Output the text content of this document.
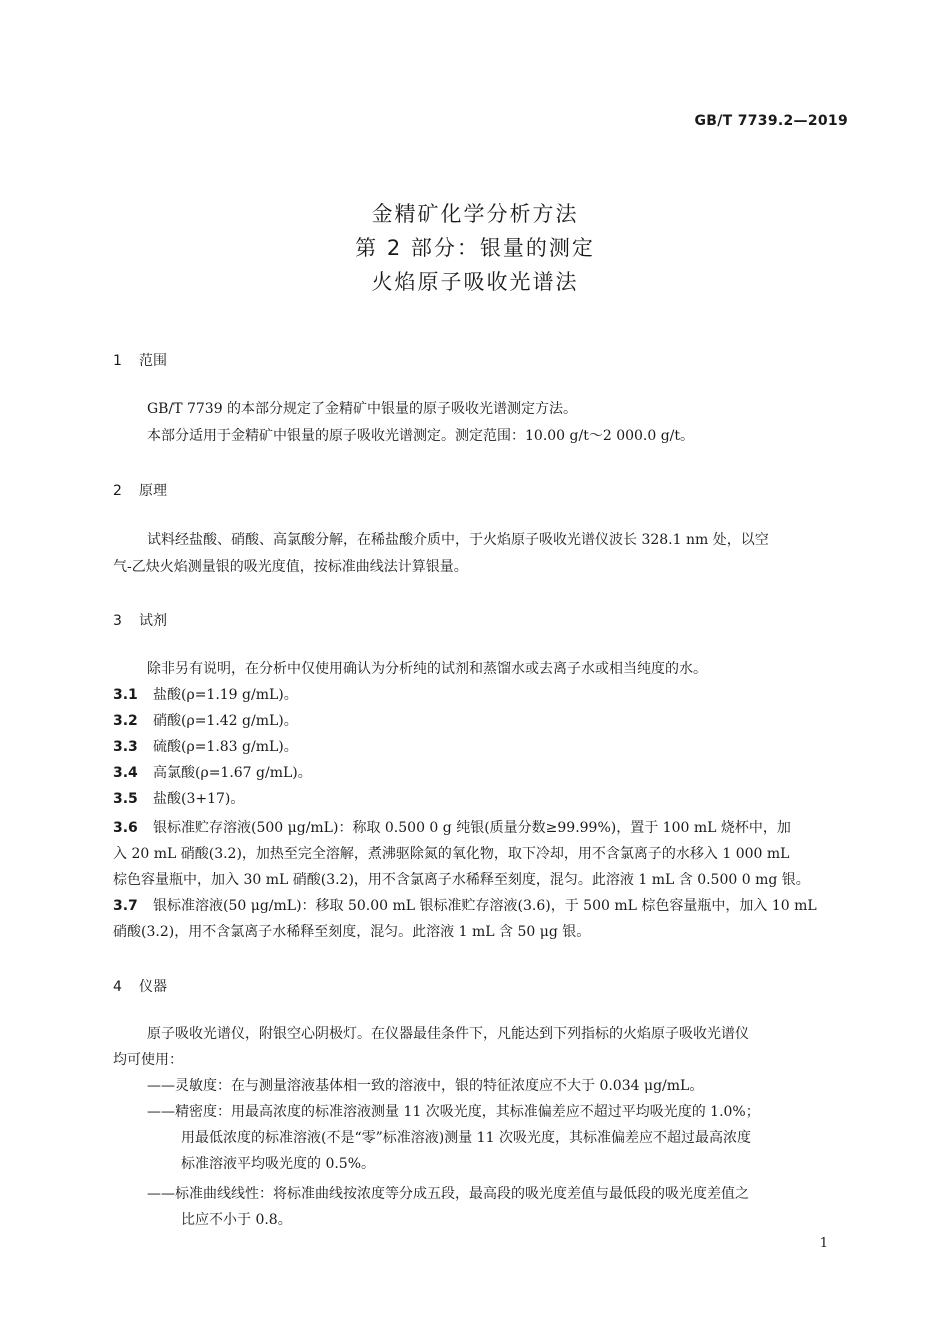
GB/T 7739.2—2019
金精矿化学分析方法
第 2 部分：银量的测定
火焰原子吸收光谱法
1 范围
GB/T 7739 的本部分规定了金精矿中银量的原子吸收光谱测定方法。
本部分适用于金精矿中银量的原子吸收光谱测定。测定范围：10.00 g/t～2 000.0 g/t。
2 原理
试料经盐酸、硝酸、高氯酸分解，在稀盐酸介质中，于火焰原子吸收光谱仪波长 328.1 nm 处，以空
气-乙炔火焰测量银的吸光度值，按标准曲线法计算银量。
3 试剂
除非另有说明，在分析中仅使用确认为分析纯的试剂和蒸馏水或去离子水或相当纯度的水。
3.1 盐酸(ρ=1.19 g/mL)。
3.2 硝酸(ρ=1.42 g/mL)。
3.3 硫酸(ρ=1.83 g/mL)。
3.4 高氯酸(ρ=1.67 g/mL)。
3.5 盐酸(3+17)。
3.6 银标准贮存溶液(500 μg/mL)：称取 0.500 0 g 纯银(质量分数≥99.99%)，置于 100 mL 烧杯中，加
入 20 mL 硝酸(3.2)，加热至完全溶解，煮沸驱除氮的氧化物，取下冷却，用不含氯离子的水移入 1 000 mL
棕色容量瓶中，加入 30 mL 硝酸(3.2)，用不含氯离子水稀释至刻度，混匀。此溶液 1 mL 含 0.500 0 mg 银。
3.7 银标准溶液(50 μg/mL)：移取 50.00 mL 银标准贮存溶液(3.6)，于 500 mL 棕色容量瓶中，加入 10 mL
硝酸(3.2)，用不含氯离子水稀释至刻度，混匀。此溶液 1 mL 含 50 μg 银。
4 仪器
原子吸收光谱仪，附银空心阴极灯。在仪器最佳条件下，凡能达到下列指标的火焰原子吸收光谱仪
均可使用：
——灵敏度：在与测量溶液基体相一致的溶液中，银的特征浓度应不大于 0.034 μg/mL。
——精密度：用最高浓度的标准溶液测量 11 次吸光度，其标准偏差应不超过平均吸光度的 1.0%；
用最低浓度的标准溶液(不是“零”标准溶液)测量 11 次吸光度，其标准偏差应不超过最高浓度
标准溶液平均吸光度的 0.5%。
——标准曲线线性：将标准曲线按浓度等分成五段，最高段的吸光度差值与最低段的吸光度差值之
比应不小于 0.8。
1
